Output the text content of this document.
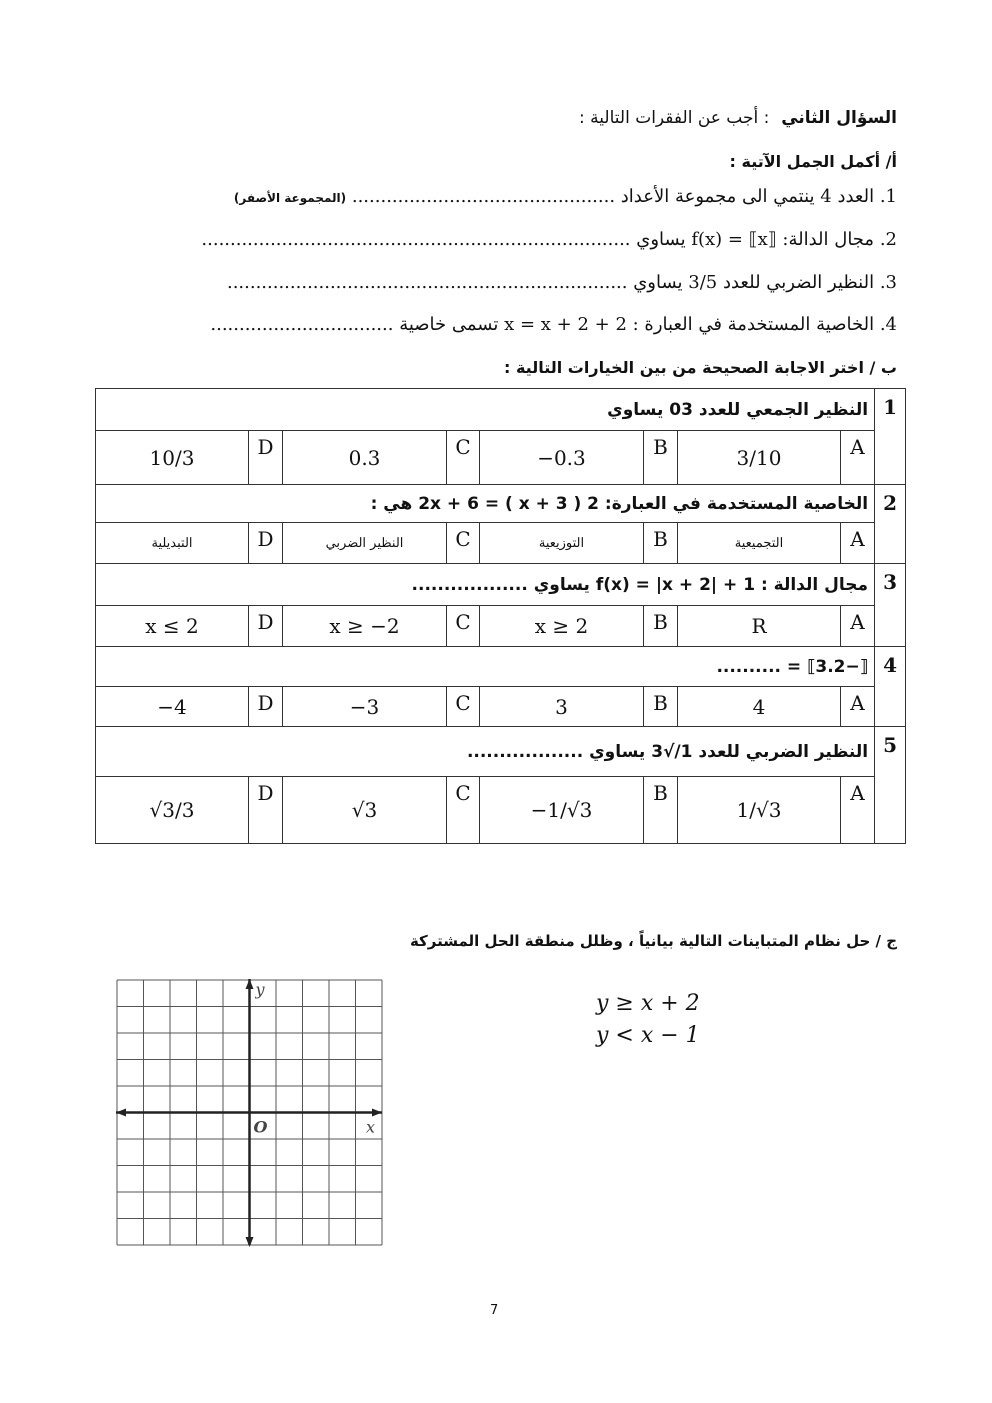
السؤال الثاني  : أجب عن الفقرات التالية :
أ/ أكمل الجمل الآتية :
1. العدد 4 ينتمي الى مجموعة الأعداد .............................................. (المجموعة الأصفر)
2. مجال الدالة: f(x) = ⟦x⟧ يساوي ...........................................................................
3. النظير الضربي للعدد 3/5 يساوي ......................................................................
4. الخاصية المستخدمة في العبارة : 2 + x = x + 2 تسمى خاصية ................................
ب / اختر الاجابة الصحيحة من بين الخيارات التالية :
النظير الجمعي للعدد 03 يساوي								1
10/3	D	0.3	C	−0.3	B	3/10	A	
الخاصية المستخدمة في العبارة: 2 ( x + 3 ) = 2x + 6 هي :								2
التبديلية	D	النظير الضربي	C	التوزيعية	B	التجميعية	A	
مجال الدالة : f(x) = |x + 2| + 1 يساوي ..................								3
x ≤ 2	D	x ≥ −2	C	x ≥ 2	B	R	A	
⟦−3.2⟧ = ..........								4
−4	D	−3	C	3	B	4	A	
النظير الضربي للعدد 1/√3 يساوي ..................								5
√3/3	D	√3	C	−1/√3	B	1/√3	A	
ج / حل نظام المتباينات التالية بيانياً ، وظلل منطقة الحل المشتركة
y ≥ x + 2
y < x − 1
x
y
O
7
